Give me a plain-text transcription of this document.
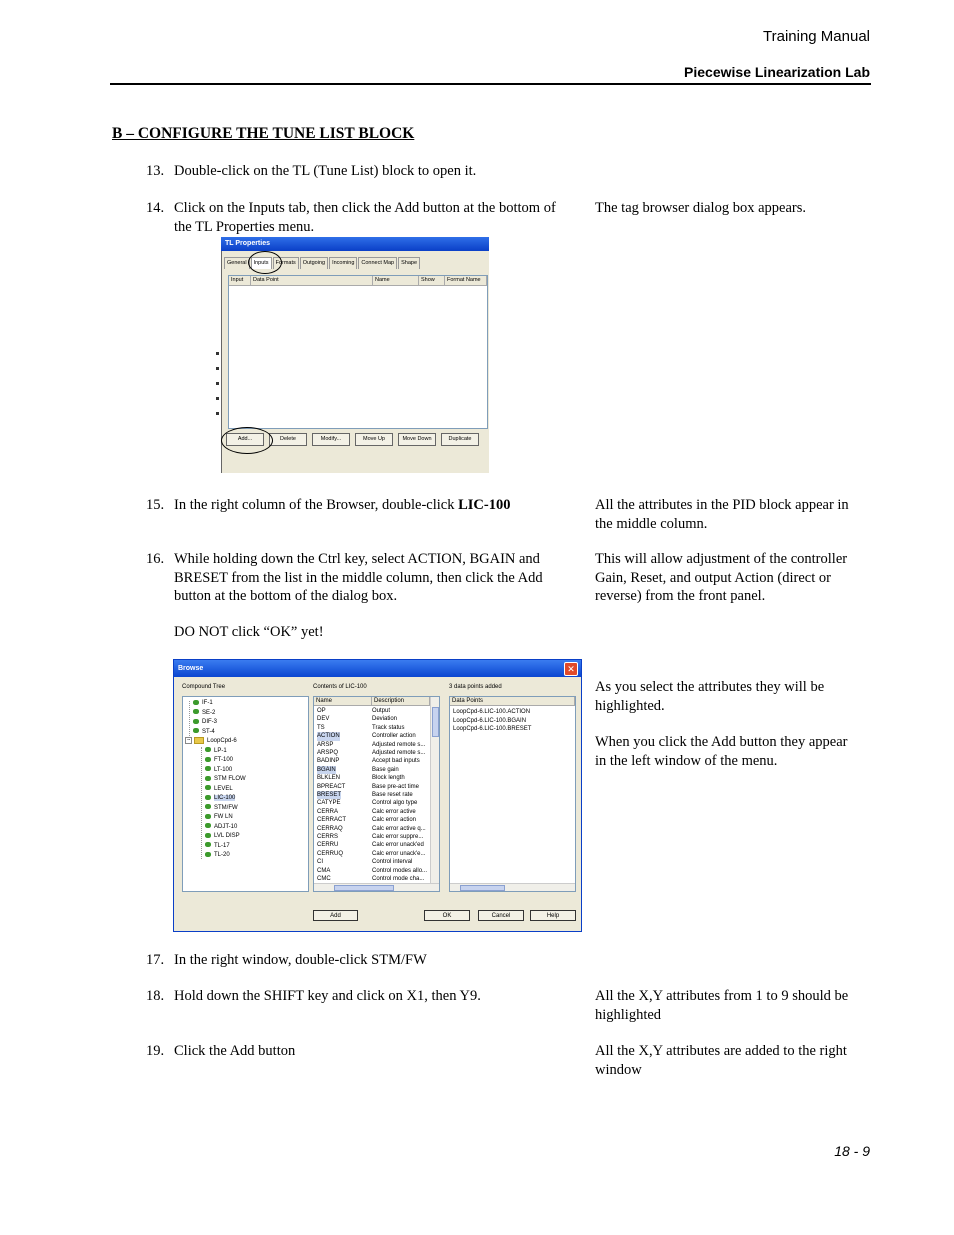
Training Manual
Piecewise Linearization Lab
B – CONFIGURE THE TUNE LIST BLOCK
13. Double-click on the TL (Tune List) block to open it.
14. Click on the Inputs tab, then click the Add button at the bottom of the TL Properties menu.
The tag browser dialog box appears.
TL Properties
General	Inputs	Formats	Outgoing	Incoming	Connect Map	Shape
Input	Data Point	Name	Show	Format Name
Add...	Delete	Modify...	Move Up	Move Down	Duplicate
15. In the right column of the Browser, double-click LIC-100	All the attributes in the PID block appear in the middle column.
16. While holding down the Ctrl key, select ACTION, BGAIN and BRESET from the list in the middle column, then click the Add button at the bottom of the dialog box.
This will allow adjustment of the controller Gain, Reset, and output Action (direct or reverse) from the front panel.
DO NOT click “OK” yet!
Browse	✕
Compound Tree	Contents of LIC-100	3 data points added
IF-1
SE-2
DIF-3
ST-4
−	LoopCpd-6
LP-1
FT-100
LT-100
STM FLOW
LEVEL
LIC-100
STM/FW
FW LN
ADJT-10
LVL DISP
TL-17
TL-20
Name	Description
OP	Output
DEV	Deviation
TS	Track status
ACTION	Controller action
ARSP	Adjusted remote s...
ARSPQ	Adjusted remote s...
BADINP	Accept bad inputs
BGAIN	Base gain
BLKLEN	Block length
BPREACT	Base pre-act time
BRESET	Base reset rate
CATYPE	Control algo type
CERRA	Calc error active
CERRACT	Calc error action
CERRAQ	Calc error active q...
CERRS	Calc error suppre...
CERRU	Calc error unack'ed
CERRUQ	Calc error unack'e...
CI	Control interval
CMA	Control modes allo...
CMC	Control mode cha...
Data Points
LoopCpd-6.LIC-100.ACTION
LoopCpd-6.LIC-100.BGAIN
LoopCpd-6.LIC-100.BRESET
Add	OK	Cancel	Help
As you select the attributes they will be highlighted.
When you click the Add button they appear in the left window of the menu.
17. In the right window, double-click STM/FW
18. Hold down the SHIFT key and click on X1, then Y9.	All the X,Y attributes from 1 to 9 should be highlighted
19. Click the Add button	All the X,Y attributes are added to the right window
18 - 9
